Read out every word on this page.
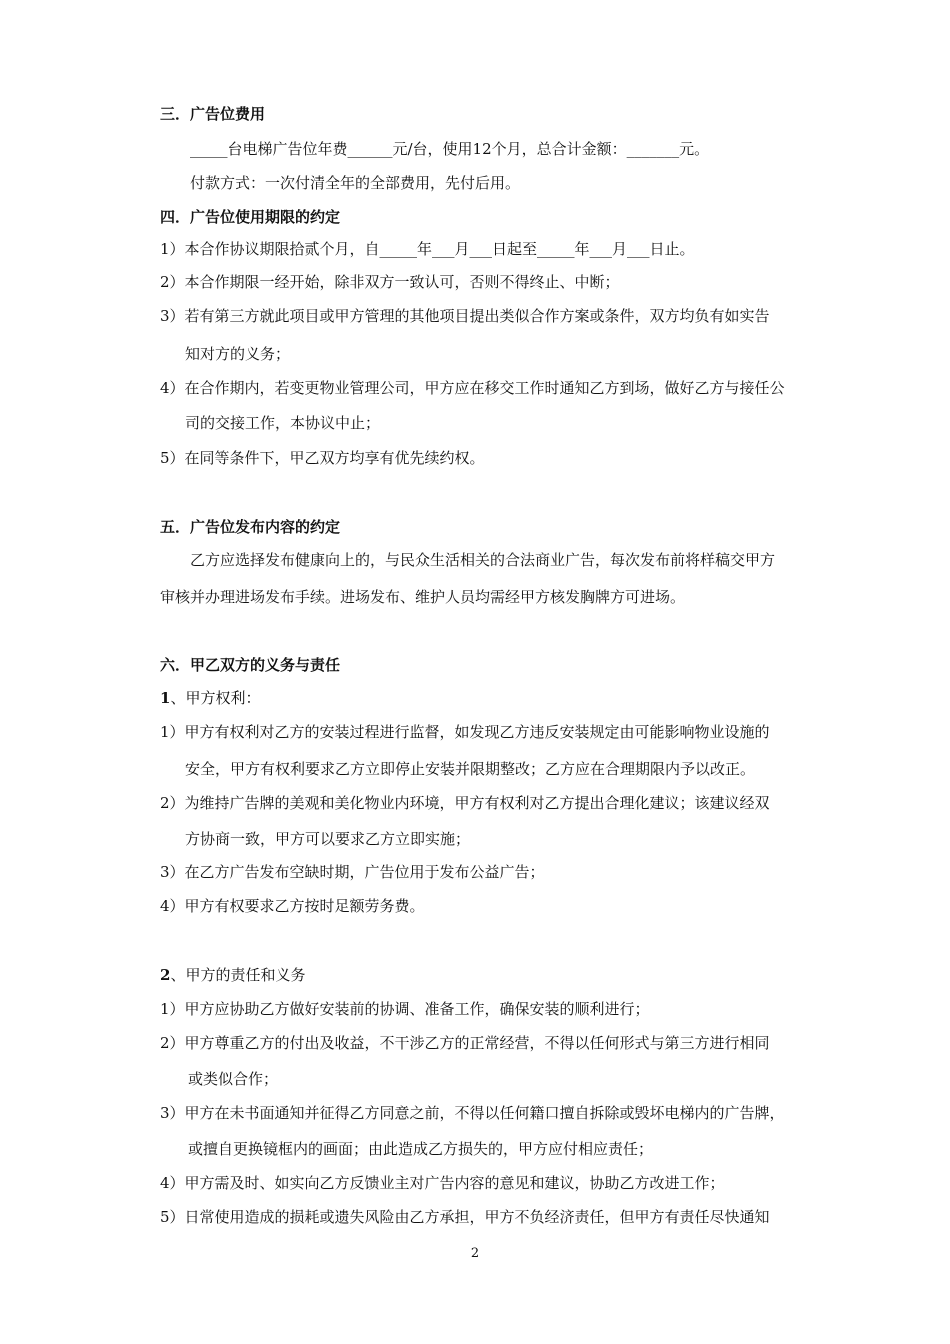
三．广告位费用

_____台电梯广告位年费______元/台，使用12个月，总合计金额：_______元。

付款方式：一次付清全年的全部费用，先付后用。

四．广告位使用期限的约定

1）本合作协议期限拾贰个月，自_____年___月___日起至_____年___月___日止。

2）本合作期限一经开始，除非双方一致认可，否则不得终止、中断；

3）若有第三方就此项目或甲方管理的其他项目提出类似合作方案或条件，双方均负有如实告

知对方的义务；

4）在合作期内，若变更物业管理公司，甲方应在移交工作时通知乙方到场，做好乙方与接任公

司的交接工作，本协议中止；

5）在同等条件下，甲乙双方均享有优先续约权。

五．广告位发布内容的约定

乙方应选择发布健康向上的，与民众生活相关的合法商业广告，每次发布前将样稿交甲方

审核并办理进场发布手续。进场发布、维护人员均需经甲方核发胸牌方可进场。

六．甲乙双方的义务与责任

1、甲方权利：

1）甲方有权利对乙方的安装过程进行监督，如发现乙方违反安装规定由可能影响物业设施的

安全，甲方有权利要求乙方立即停止安装并限期整改；乙方应在合理期限内予以改正。

2）为维持广告牌的美观和美化物业内环境，甲方有权利对乙方提出合理化建议；该建议经双

方协商一致，甲方可以要求乙方立即实施；

3）在乙方广告发布空缺时期，广告位用于发布公益广告；

4）甲方有权要求乙方按时足额劳务费。

2、甲方的责任和义务

1）甲方应协助乙方做好安装前的协调、准备工作，确保安装的顺利进行；

2）甲方尊重乙方的付出及收益，不干涉乙方的正常经营，不得以任何形式与第三方进行相同

或类似合作；

3）甲方在未书面通知并征得乙方同意之前，不得以任何籍口擅自拆除或毁坏电梯内的广告牌，

或擅自更换镜框内的画面；由此造成乙方损失的，甲方应付相应责任；

4）甲方需及时、如实向乙方反馈业主对广告内容的意见和建议，协助乙方改进工作；

5）日常使用造成的损耗或遗失风险由乙方承担，甲方不负经济责任，但甲方有责任尽快通知

2
